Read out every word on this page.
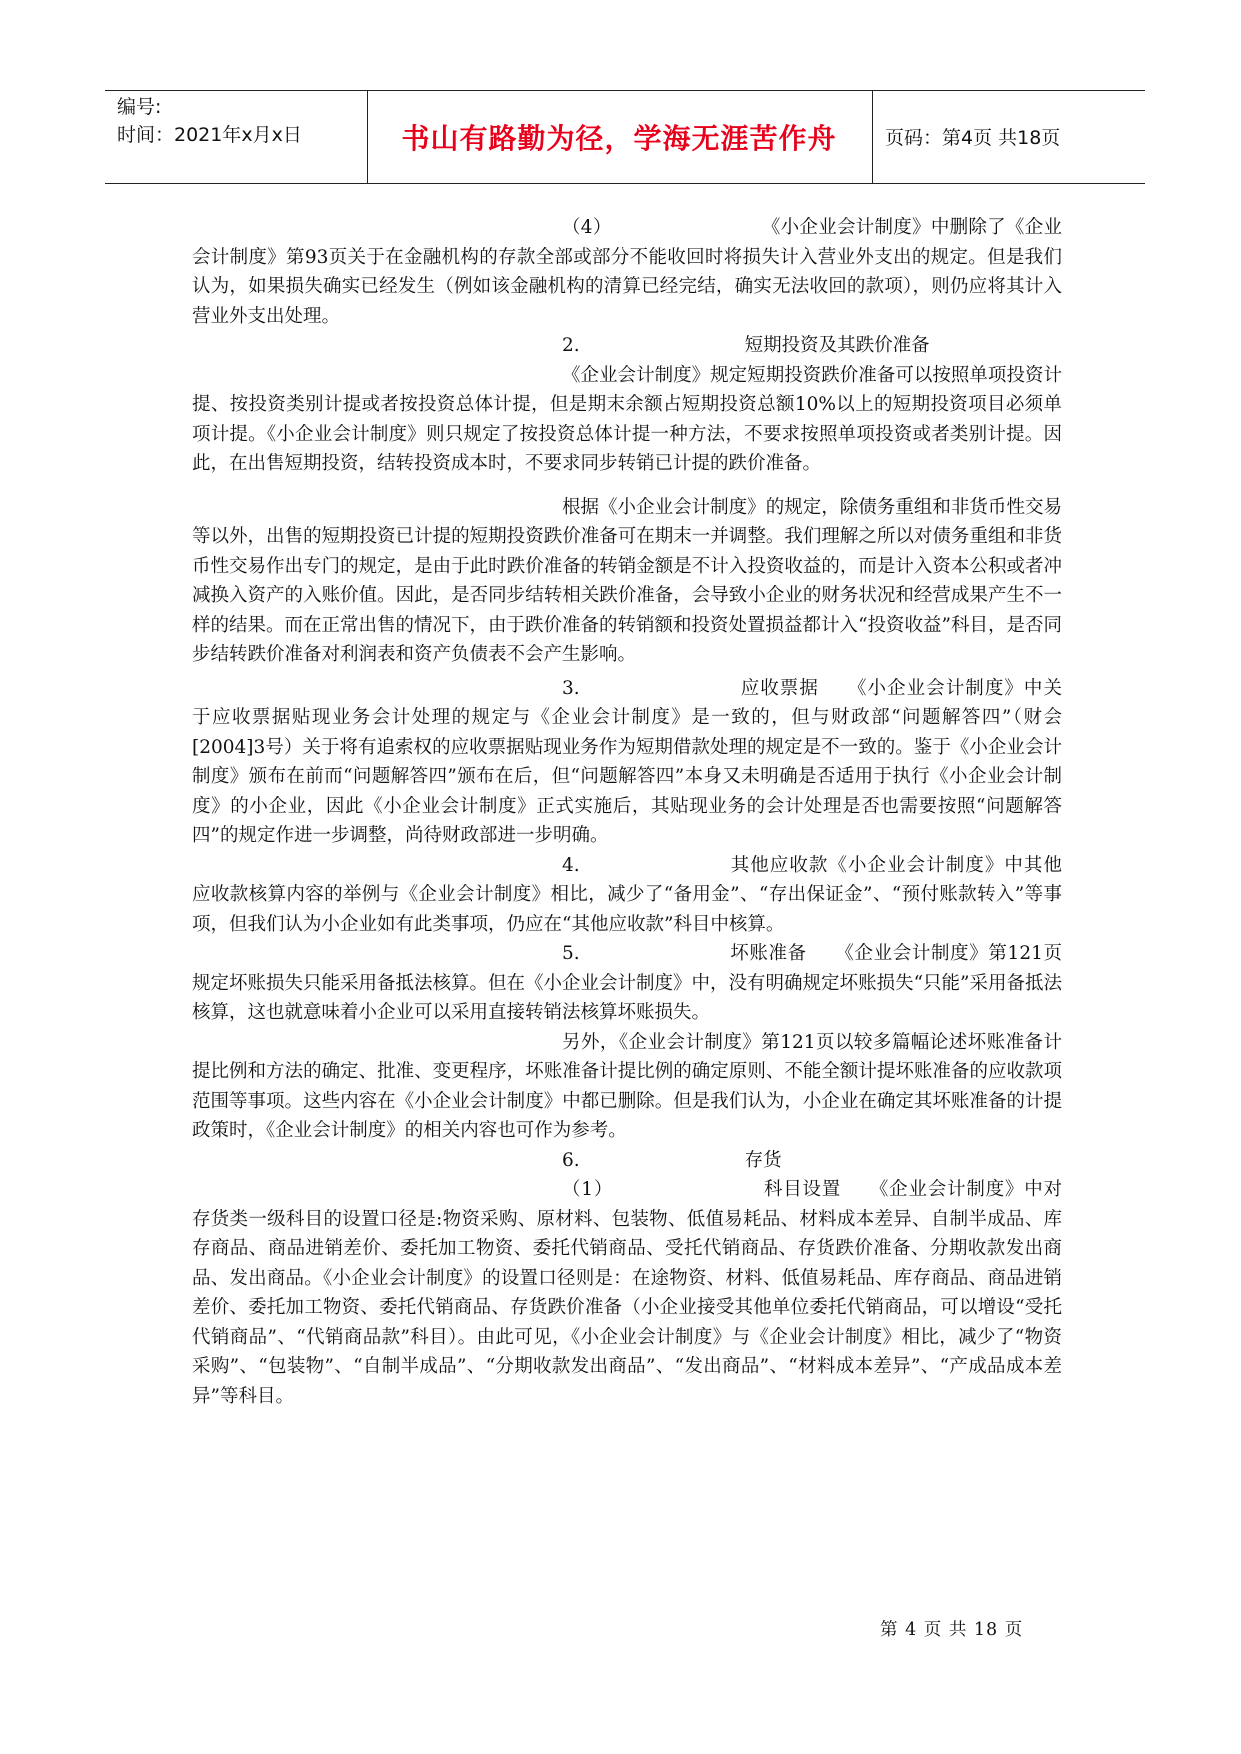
编号:
时间：2021年x月x日	书山有路勤为径，学海无涯苦作舟	页码：第4页 共18页

（4）	《小企业会计制度》中删除了《企业会计制度》第93页关于在金融机构的存款全部或部分不能收回时将损失计入营业外支出的规定。但是我们认为，如果损失确实已经发生（例如该金融机构的清算已经完结，确实无法收回的款项），则仍应将其计入营业外支出处理。

2.	短期投资及其跌价准备

《企业会计制度》规定短期投资跌价准备可以按照单项投资计提、按投资类别计提或者按投资总体计提，但是期末余额占短期投资总额10%以上的短期投资项目必须单项计提。《小企业会计制度》则只规定了按投资总体计提一种方法，不要求按照单项投资或者类别计提。因此，在出售短期投资，结转投资成本时，不要求同步转销已计提的跌价准备。

根据《小企业会计制度》的规定，除债务重组和非货币性交易等以外，出售的短期投资已计提的短期投资跌价准备可在期末一并调整。我们理解之所以对债务重组和非货币性交易作出专门的规定，是由于此时跌价准备的转销金额是不计入投资收益的，而是计入资本公积或者冲减换入资产的入账价值。因此，是否同步结转相关跌价准备，会导致小企业的财务状况和经营成果产生不一样的结果。而在正常出售的情况下，由于跌价准备的转销额和投资处置损益都计入“投资收益”科目，是否同步结转跌价准备对利润表和资产负债表不会产生影响。

3.	应收票据 《小企业会计制度》中关于应收票据贴现业务会计处理的规定与《企业会计制度》是一致的，但与财政部“问题解答四”（财会[2004]3号）关于将有追索权的应收票据贴现业务作为短期借款处理的规定是不一致的。鉴于《小企业会计制度》颁布在前而“问题解答四”颁布在后，但“问题解答四”本身又未明确是否适用于执行《小企业会计制度》的小企业，因此《小企业会计制度》正式实施后，其贴现业务的会计处理是否也需要按照“问题解答四”的规定作进一步调整，尚待财政部进一步明确。

4.	其他应收款《小企业会计制度》中其他应收款核算内容的举例与《企业会计制度》相比，减少了“备用金”、“存出保证金”、“预付账款转入”等事项，但我们认为小企业如有此类事项，仍应在“其他应收款”科目中核算。

5.	坏账准备 《企业会计制度》第121页规定坏账损失只能采用备抵法核算。但在《小企业会计制度》中，没有明确规定坏账损失“只能”采用备抵法核算，这也就意味着小企业可以采用直接转销法核算坏账损失。

另外，《企业会计制度》第121页以较多篇幅论述坏账准备计提比例和方法的确定、批准、变更程序，坏账准备计提比例的确定原则、不能全额计提坏账准备的应收款项范围等事项。这些内容在《小企业会计制度》中都已删除。但是我们认为，小企业在确定其坏账准备的计提政策时，《企业会计制度》的相关内容也可作为参考。

6.	存货

（1）	科目设置 《企业会计制度》中对存货类一级科目的设置口径是:物资采购、原材料、包装物、低值易耗品、材料成本差异、自制半成品、库存商品、商品进销差价、委托加工物资、委托代销商品、受托代销商品、存货跌价准备、分期收款发出商品、发出商品。《小企业会计制度》的设置口径则是：在途物资、材料、低值易耗品、库存商品、商品进销差价、委托加工物资、委托代销商品、存货跌价准备（小企业接受其他单位委托代销商品，可以增设“受托代销商品”、“代销商品款”科目）。由此可见，《小企业会计制度》与《企业会计制度》相比，减少了“物资采购”、“包装物”、“自制半成品”、“分期收款发出商品”、“发出商品”、“材料成本差异”、“产成品成本差异”等科目。

第 4 页 共 18 页
